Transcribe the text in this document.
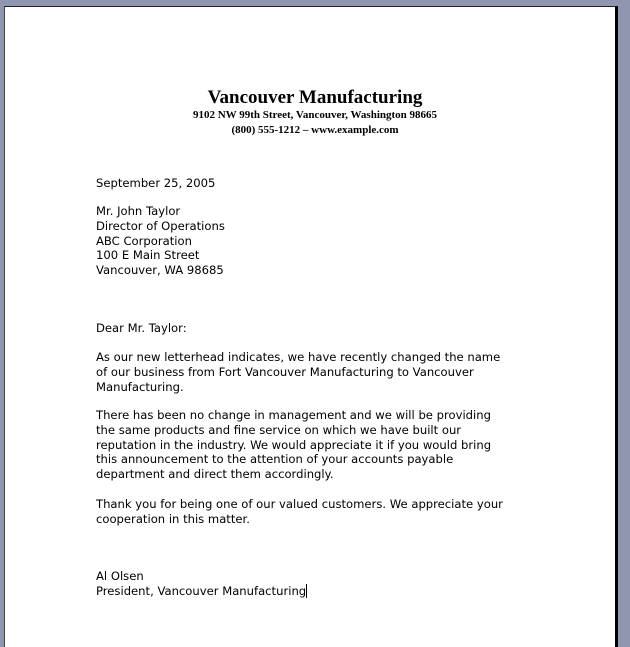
Vancouver Manufacturing
9102 NW 99th Street, Vancouver, Washington 98665
(800) 555-1212 – www.example.com
September 25, 2005
Mr. John Taylor
Director of Operations
ABC Corporation
100 E Main Street
Vancouver, WA 98685
Dear Mr. Taylor:
As our new letterhead indicates, we have recently changed the name
of our business from Fort Vancouver Manufacturing to Vancouver
Manufacturing.
There has been no change in management and we will be providing
the same products and fine service on which we have built our
reputation in the industry. We would appreciate it if you would bring
this announcement to the attention of your accounts payable
department and direct them accordingly.
Thank you for being one of our valued customers. We appreciate your
cooperation in this matter.
Al Olsen
President, Vancouver Manufacturing
